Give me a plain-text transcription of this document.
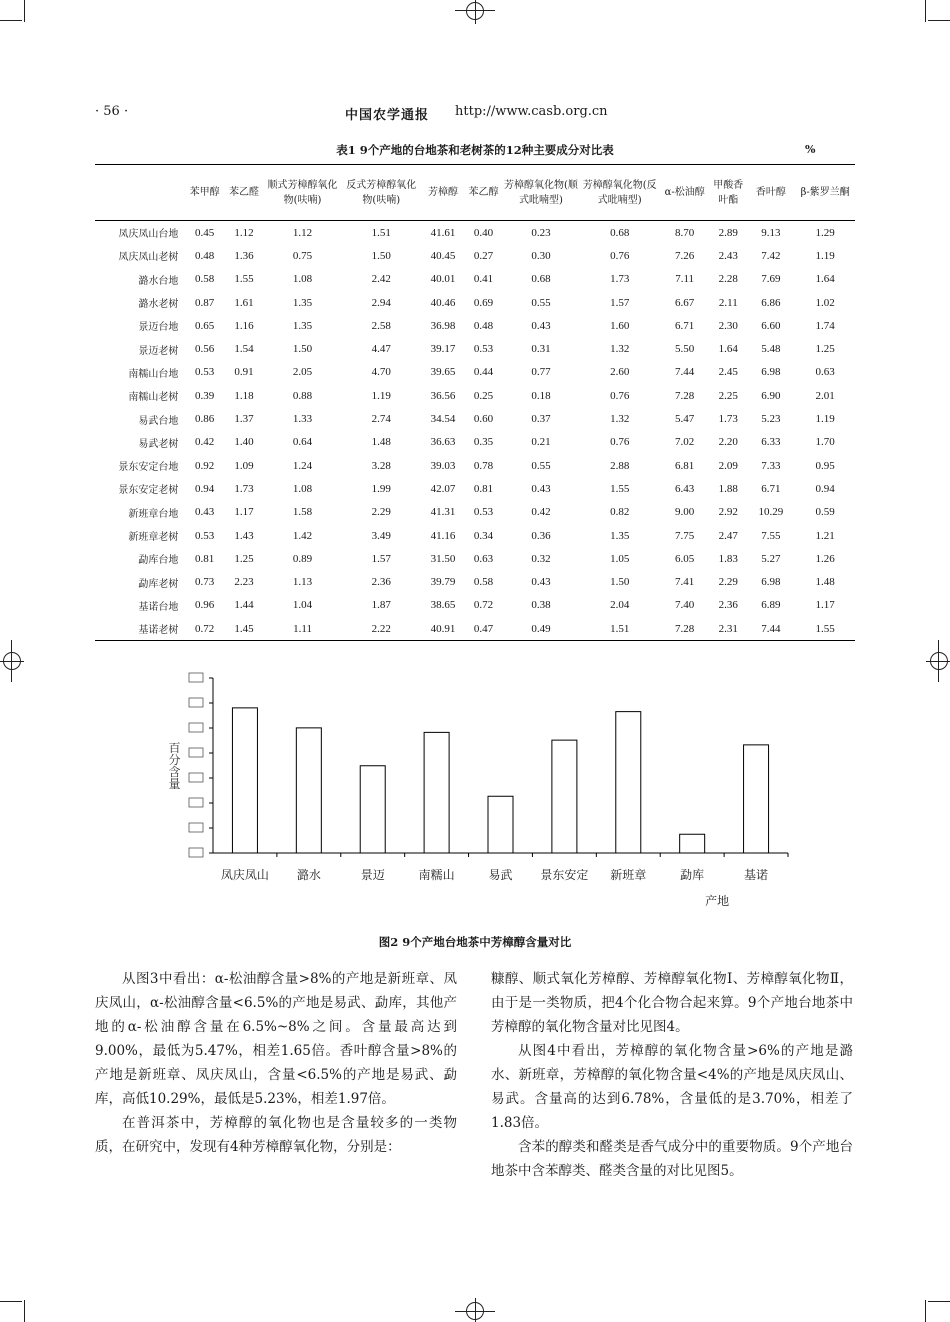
· 56 ·	中国农学通报 http://www.casb.org.cn
表1 9个产地的台地茶和老树茶的12种主要成分对比表	%
	苯甲醇	苯乙醛	顺式芳樟醇氧化物(呋喃)	反式芳樟醇氧化物(呋喃)	芳樟醇	苯乙醇	芳樟醇氧化物(顺式吡喃型)	芳樟醇氧化物(反式吡喃型)	α-松油醇	甲酸香叶酯	香叶醇	β-紫罗兰酮
凤庆凤山台地	0.45	1.12	1.12	1.51	41.61	0.40	0.23	0.68	8.70	2.89	9.13	1.29
凤庆凤山老树	0.48	1.36	0.75	1.50	40.45	0.27	0.30	0.76	7.26	2.43	7.42	1.19
潞水台地	0.58	1.55	1.08	2.42	40.01	0.41	0.68	1.73	7.11	2.28	7.69	1.64
潞水老树	0.87	1.61	1.35	2.94	40.46	0.69	0.55	1.57	6.67	2.11	6.86	1.02
景迈台地	0.65	1.16	1.35	2.58	36.98	0.48	0.43	1.60	6.71	2.30	6.60	1.74
景迈老树	0.56	1.54	1.50	4.47	39.17	0.53	0.31	1.32	5.50	1.64	5.48	1.25
南糯山台地	0.53	0.91	2.05	4.70	39.65	0.44	0.77	2.60	7.44	2.45	6.98	0.63
南糯山老树	0.39	1.18	0.88	1.19	36.56	0.25	0.18	0.76	7.28	2.25	6.90	2.01
易武台地	0.86	1.37	1.33	2.74	34.54	0.60	0.37	1.32	5.47	1.73	5.23	1.19
易武老树	0.42	1.40	0.64	1.48	36.63	0.35	0.21	0.76	7.02	2.20	6.33	1.70
景东安定台地	0.92	1.09	1.24	3.28	39.03	0.78	0.55	2.88	6.81	2.09	7.33	0.95
景东安定老树	0.94	1.73	1.08	1.99	42.07	0.81	0.43	1.55	6.43	1.88	6.71	0.94
新班章台地	0.43	1.17	1.58	2.29	41.31	0.53	0.42	0.82	9.00	2.92	10.29	0.59
新班章老树	0.53	1.43	1.42	3.49	41.16	0.34	0.36	1.35	7.75	2.47	7.55	1.21
勐库台地	0.81	1.25	0.89	1.57	31.50	0.63	0.32	1.05	6.05	1.83	5.27	1.26
勐库老树	0.73	2.23	1.13	2.36	39.79	0.58	0.43	1.50	7.41	2.29	6.98	1.48
基诺台地	0.96	1.44	1.04	1.87	38.65	0.72	0.38	2.04	7.40	2.36	6.89	1.17
基诺老树	0.72	1.45	1.11	2.22	40.91	0.47	0.49	1.51	7.28	2.31	7.44	1.55
百分含量
凤庆凤山 潞水	景迈	南糯山	易武 景东安定 新班章	勐库	基诺
产地
图2 9个产地台地茶中芳樟醇含量对比

从图3中看出：α-松油醇含量>8%的产地是新班章、凤庆凤山，α-松油醇含量<6.5%的产地是易武、勐库，其他产地的α-松油醇含量在6.5%~8%之间。含量最高达到9.00%，最低为5.47%，相差1.65倍。香叶醇含量>8%的产地是新班章、凤庆凤山，含量<6.5%的产地是易武、勐库，高低10.29%，最低是5.23%，相差1.97倍。

在普洱茶中，芳樟醇的氧化物也是含量较多的一类物质，在研究中，发现有4种芳樟醇氧化物，分别是：

糠醇、顺式氧化芳樟醇、芳樟醇氧化物Ⅰ、芳樟醇氧化物Ⅱ，由于是一类物质，把4个化合物合起来算。9个产地台地茶中芳樟醇的氧化物含量对比见图4。

从图4中看出，芳樟醇的氧化物含量>6%的产地是潞水、新班章，芳樟醇的氧化物含量<4%的产地是凤庆凤山、易武。含量高的达到6.78%，含量低的是3.70%，相差了1.83倍。

含苯的醇类和醛类是香气成分中的重要物质。9个产地台地茶中含苯醇类、醛类含量的对比见图5。
